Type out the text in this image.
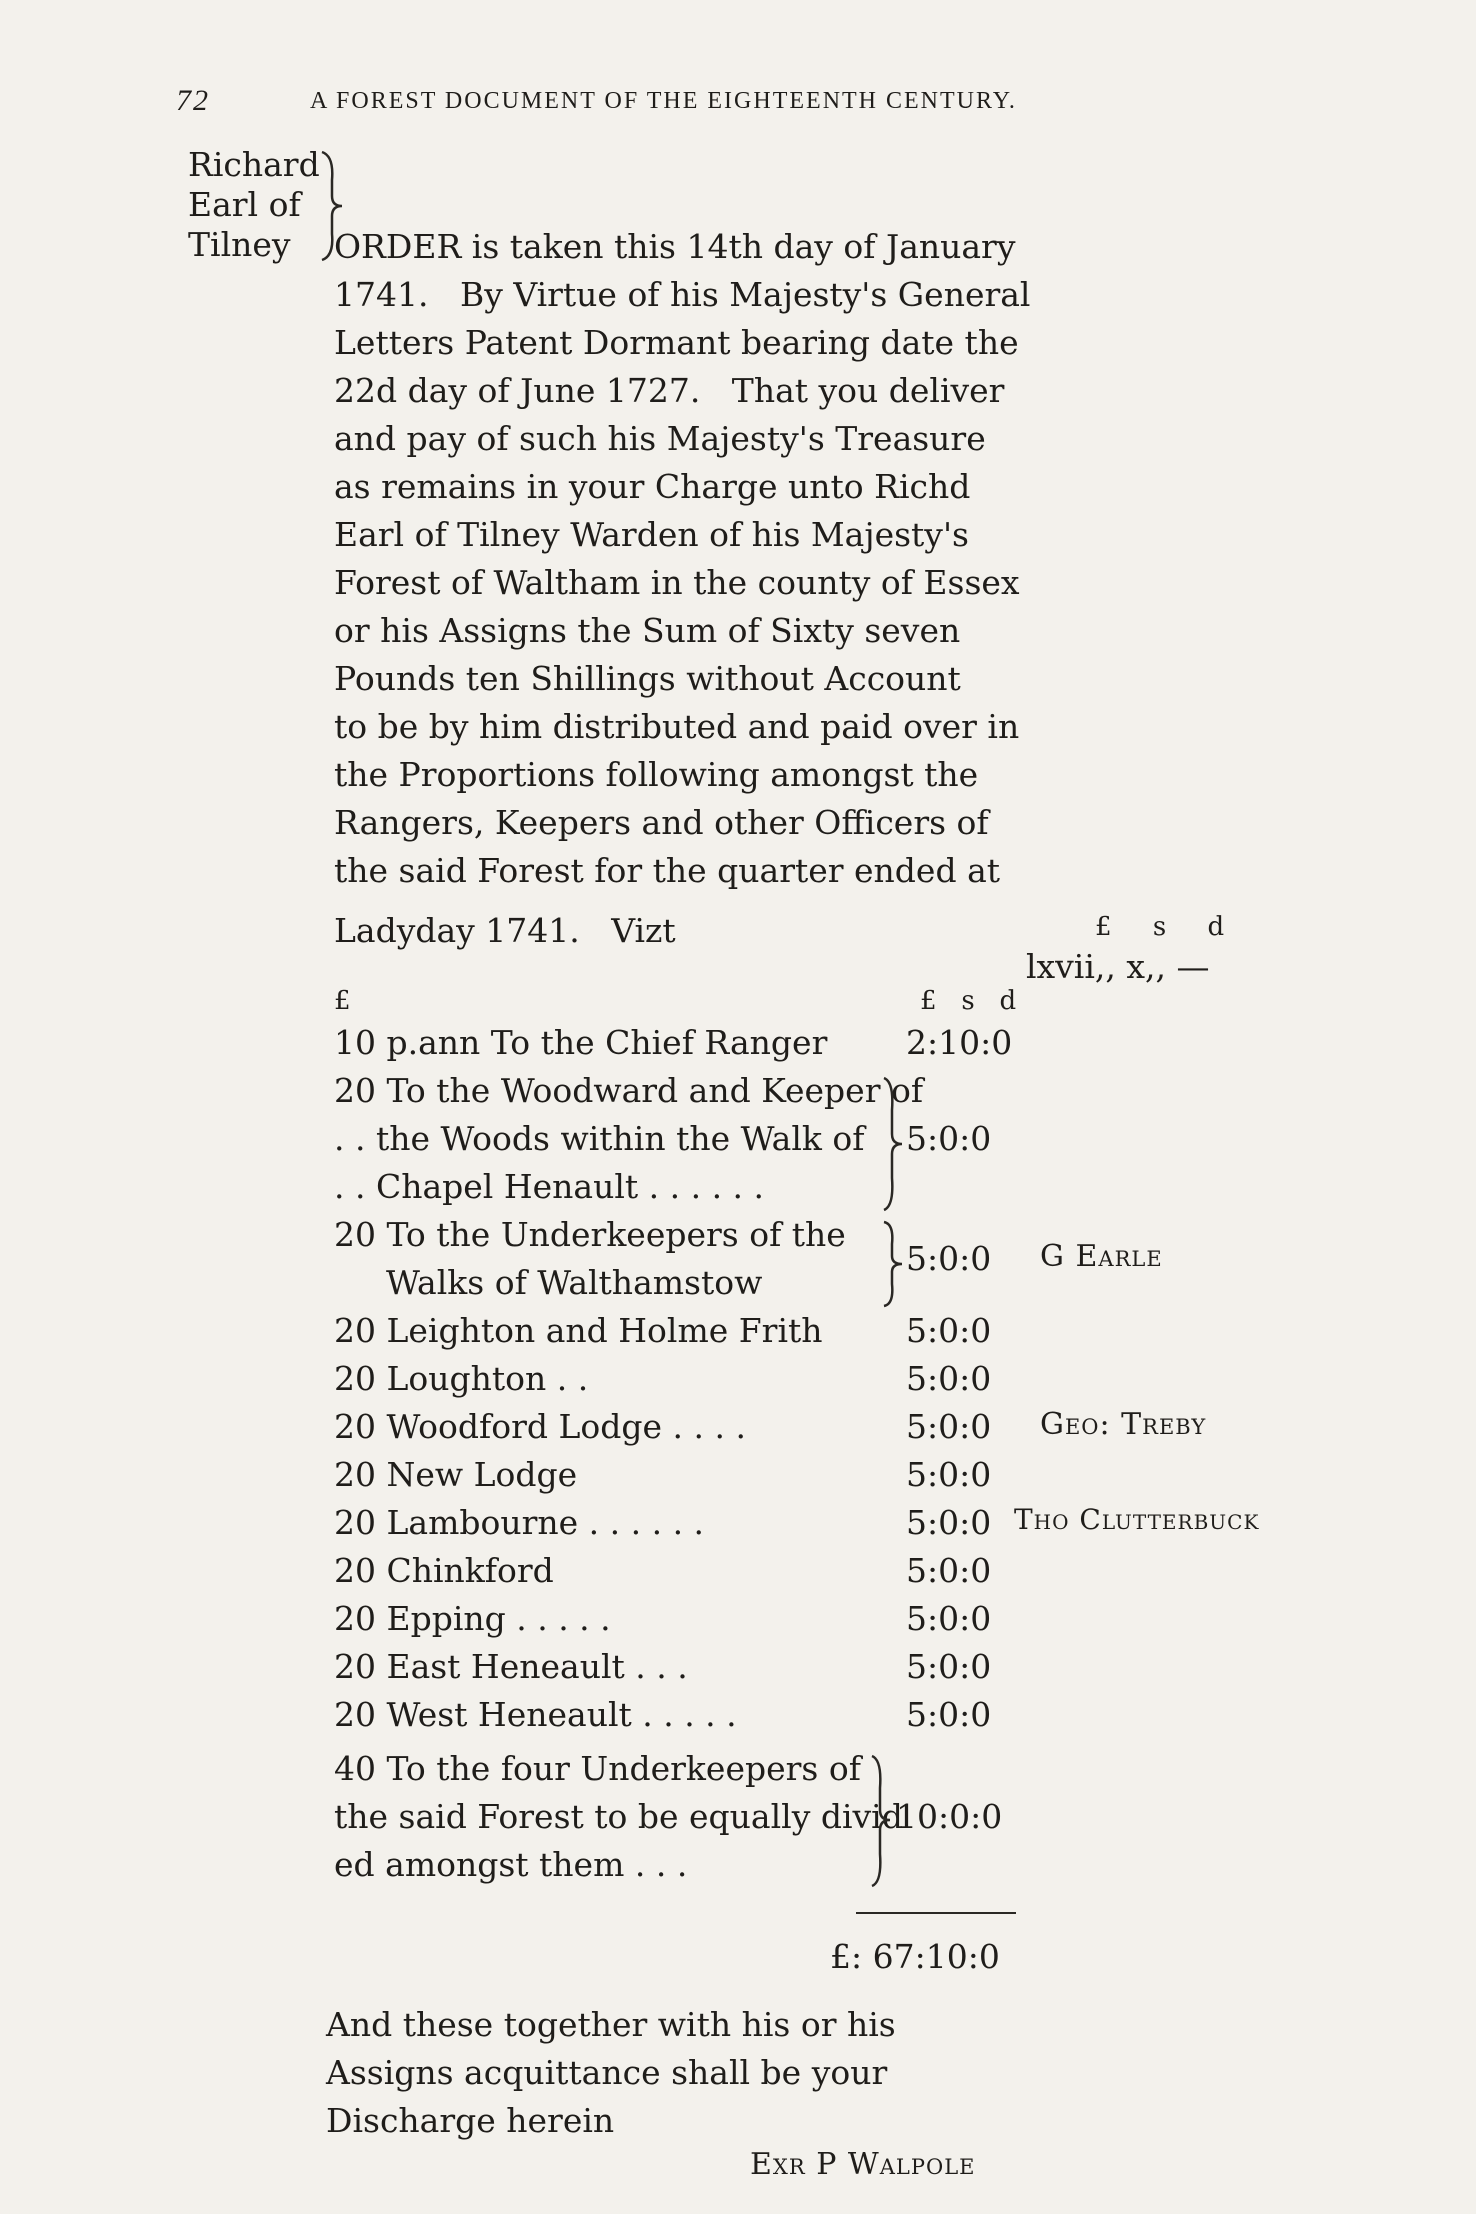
72	A FOREST DOCUMENT OF THE EIGHTEENTH CENTURY.
Richard
Earl of
Tilney ORDER is taken this 14th day of January
1741.   By Virtue of his Majesty's General
Letters Patent Dormant bearing date the
22d day of June 1727.   That you deliver
and pay of such his Majesty's Treasure
as remains in your Charge unto Richd
Earl of Tilney Warden of his Majesty's
Forest of Waltham in the county of Essex
or his Assigns the Sum of Sixty seven
Pounds ten Shillings without Account
to be by him distributed and paid over in
the Proportions following amongst the
Rangers, Keepers and other Officers of
the said Forest for the quarter ended at
Ladyday 1741.   Vizt	£     s     d
lxvii,, x,, —
£	£   s   d
10 p.ann To the Chief Ranger 2:10:0
20 To the Woodward and Keeper of
. . the Woods within the Walk of
. . Chapel Henault . . . . . .
5:0:0
20 To the Underkeepers of the
Walks of Walthamstow
5:0:0 G Earle
20 Leighton and Holme Frith	5:0:0
20 Loughton . .	5:0:0
20 Woodford Lodge . . . .	5:0:0 Geo: Treby
20 New Lodge	5:0:0
20 Lambourne . . . . . .	5:0:0 Tho Clutterbuck
20 Chinkford	5:0:0
20 Epping . . . . .	5:0:0
20 East Heneault . . .	5:0:0
20 West Heneault . . . . .	5:0:0
40 To the four Underkeepers of
the said Forest to be equally divid
ed amongst them . . .
10:0:0
£: 67:10:0
And these together with his or his
Assigns acquittance shall be your
Discharge herein
Exr P Walpole
